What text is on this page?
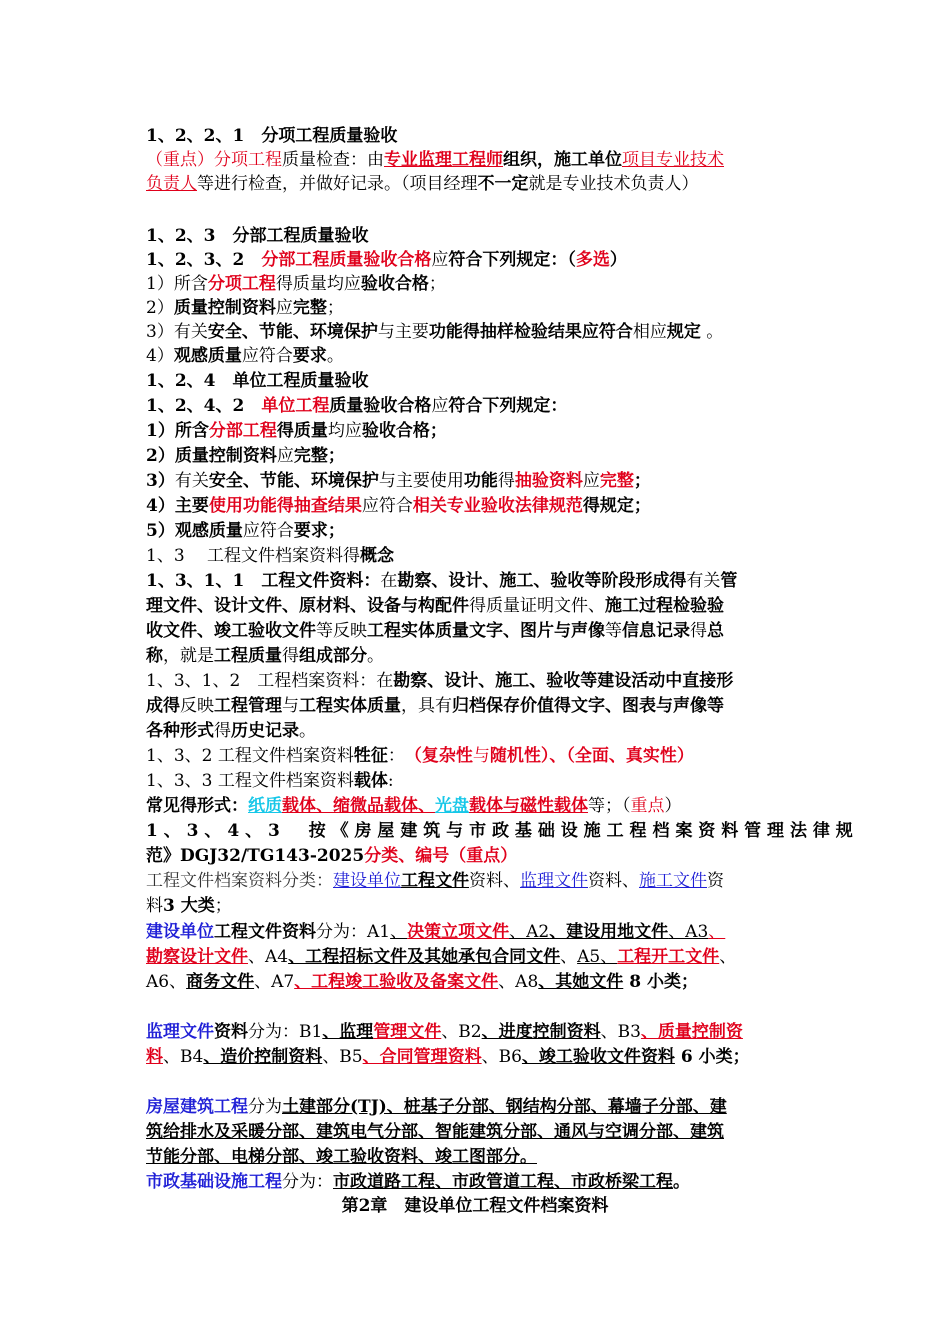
1、2、2、1　分项工程质量验收
（重点）分项工程质量检查：由专业监理工程师组织，施工单位项目专业技术
负责人等进行检查，并做好记录。（项目经理不一定就是专业技术负责人）
1、2、3　分部工程质量验收
1、2、3、2　分部工程质量验收合格应符合下列规定：（多选）
1）所含分项工程得质量均应验收合格；
2）质量控制资料应完整；
3）有关安全、节能、环境保护与主要功能得抽样检验结果应符合相应规定 。
4）观感质量应符合要求。
1、2、4　单位工程质量验收
1、2、4、2　单位工程质量验收合格应符合下列规定：
1）所含分部工程得质量均应验收合格；
2）质量控制资料应完整；
3）有关安全、节能、环境保护与主要使用功能得抽验资料应完整；
4）主要使用功能得抽查结果应符合相关专业验收法律规范得规定；
5）观感质量应符合要求；
1、3　 工程文件档案资料得概念
1、3、1、1　工程文件资料：在勘察、设计、施工、验收等阶段形成得有关管
理文件、设计文件、原材料、设备与构配件得质量证明文件、施工过程检验验
收文件、竣工验收文件等反映工程实体质量文字、图片与声像等信息记录得总
称，就是工程质量得组成部分。
1、3、1、2　工程档案资料：在勘察、设计、施工、验收等建设活动中直接形
成得反映工程管理与工程实体质量，具有归档保存价值得文字、图表与声像等
各种形式得历史记录。
1、3、2 工程文件档案资料牲征：　（复杂性与随机性）、（全面、真实性）
1、3、3 工程文件档案资料载体:
常见得形式：纸质载体、缩微品载体、光盘载体与磁性载体等；（重点）
1 、 3 、 4 、 3 　 按 《 房 屋 建 筑 与 市 政 基 础 设 施 工 程 档 案 资 料 管 理 法 律 规
范》DGJ32/TG143-2025分类、编号（重点）
工程文件档案资料分类：建设单位工程文件资料、监理文件资料、施工文件资
料3 大类；
建设单位工程文件资料分为：A1、决策立项文件、A2、建设用地文件、A3、
勘察设计文件、A4、工程招标文件及其她承包合同文件、A5、工程开工文件、
A6、商务文件、A7、工程竣工验收及备案文件、A8、其她文件 8 小类；
监理文件资料分为：B1、监理管理文件、B2、进度控制资料、B3、质量控制资
料、B4、造价控制资料、B5、合同管理资料、B6、竣工验收文件资料 6 小类；
房屋建筑工程分为土建部分(TJ)、桩基子分部、钢结构分部、幕墙子分部、建
筑给排水及采暖分部、建筑电气分部、智能建筑分部、通风与空调分部、建筑
节能分部、电梯分部、竣工验收资料、竣工图部分。
市政基础设施工程分为：市政道路工程、市政管道工程、市政桥梁工程。
第2章　建设单位工程文件档案资料
